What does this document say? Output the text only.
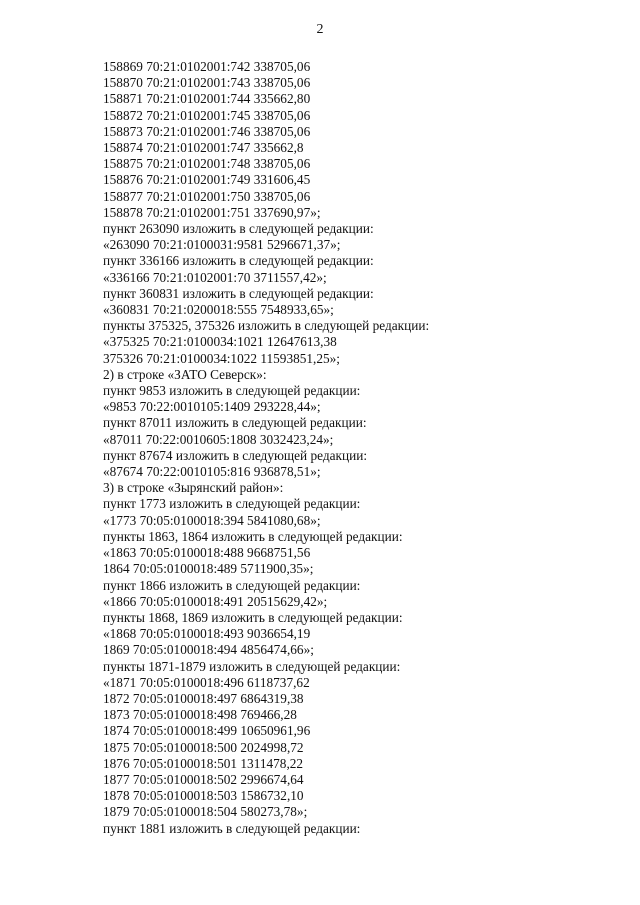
2
158869 70:21:0102001:742 338705,06
158870 70:21:0102001:743 338705,06
158871 70:21:0102001:744 335662,80
158872 70:21:0102001:745 338705,06
158873 70:21:0102001:746 338705,06
158874 70:21:0102001:747 335662,8
158875 70:21:0102001:748 338705,06
158876 70:21:0102001:749 331606,45
158877 70:21:0102001:750 338705,06
158878 70:21:0102001:751 337690,97»;
пункт 263090 изложить в следующей редакции:
«263090 70:21:0100031:9581 5296671,37»;
пункт 336166 изложить в следующей редакции:
«336166 70:21:0102001:70 3711557,42»;
пункт 360831 изложить в следующей редакции:
«360831 70:21:0200018:555 7548933,65»;
пункты 375325, 375326 изложить в следующей редакции:
«375325 70:21:0100034:1021 12647613,38
375326 70:21:0100034:1022 11593851,25»;
2) в строке «ЗАТО Северск»:
пункт 9853 изложить в следующей редакции:
«9853 70:22:0010105:1409 293228,44»;
пункт 87011 изложить в следующей редакции:
«87011 70:22:0010605:1808 3032423,24»;
пункт 87674 изложить в следующей редакции:
«87674 70:22:0010105:816 936878,51»;
3) в строке «Зырянский район»:
пункт 1773 изложить в следующей редакции:
«1773 70:05:0100018:394 5841080,68»;
пункты 1863, 1864 изложить в следующей редакции:
«1863 70:05:0100018:488 9668751,56
1864 70:05:0100018:489 5711900,35»;
пункт 1866 изложить в следующей редакции:
«1866 70:05:0100018:491 20515629,42»;
пункты 1868, 1869 изложить в следующей редакции:
«1868 70:05:0100018:493 9036654,19
1869 70:05:0100018:494 4856474,66»;
пункты 1871-1879 изложить в следующей редакции:
«1871 70:05:0100018:496 6118737,62
1872 70:05:0100018:497 6864319,38
1873 70:05:0100018:498 769466,28
1874 70:05:0100018:499 10650961,96
1875 70:05:0100018:500 2024998,72
1876 70:05:0100018:501 1311478,22
1877 70:05:0100018:502 2996674,64
1878 70:05:0100018:503 1586732,10
1879 70:05:0100018:504 580273,78»;
пункт 1881 изложить в следующей редакции:
